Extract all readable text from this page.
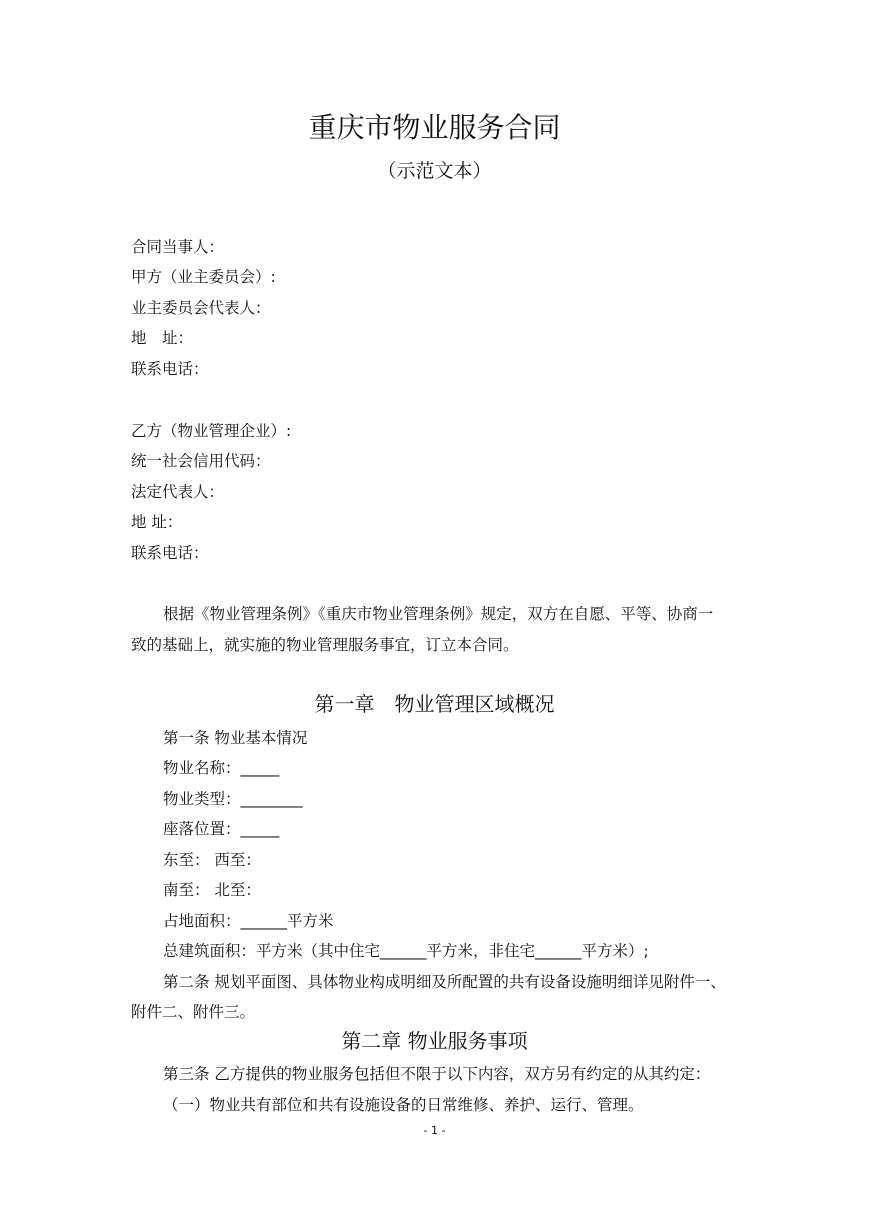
重庆市物业服务合同
（示范文本）
合同当事人：
甲方（业主委员会）:
业主委员会代表人：
地　址：
联系电话：
乙方（物业管理企业）:
统一社会信用代码：
法定代表人：
地 址：
联系电话：
根据《物业管理条例》《重庆市物业管理条例》规定，双方在自愿、平等、协商一
致的基础上，就实施的物业管理服务事宜，订立本合同。
第一章　物业管理区域概况
第一条 物业基本情况
物业名称：_____
物业类型：________
座落位置：_____
东至： 西至：
南至： 北至：
占地面积：______平方米
总建筑面积：平方米（其中住宅______平方米，非住宅______平方米）;
第二条 规划平面图、具体物业构成明细及所配置的共有设备设施明细详见附件一、
附件二、附件三。
第二章 物业服务事项
第三条 乙方提供的物业服务包括但不限于以下内容，双方另有约定的从其约定：
（一）物业共有部位和共有设施设备的日常维修、养护、运行、管理。
- 1 -
